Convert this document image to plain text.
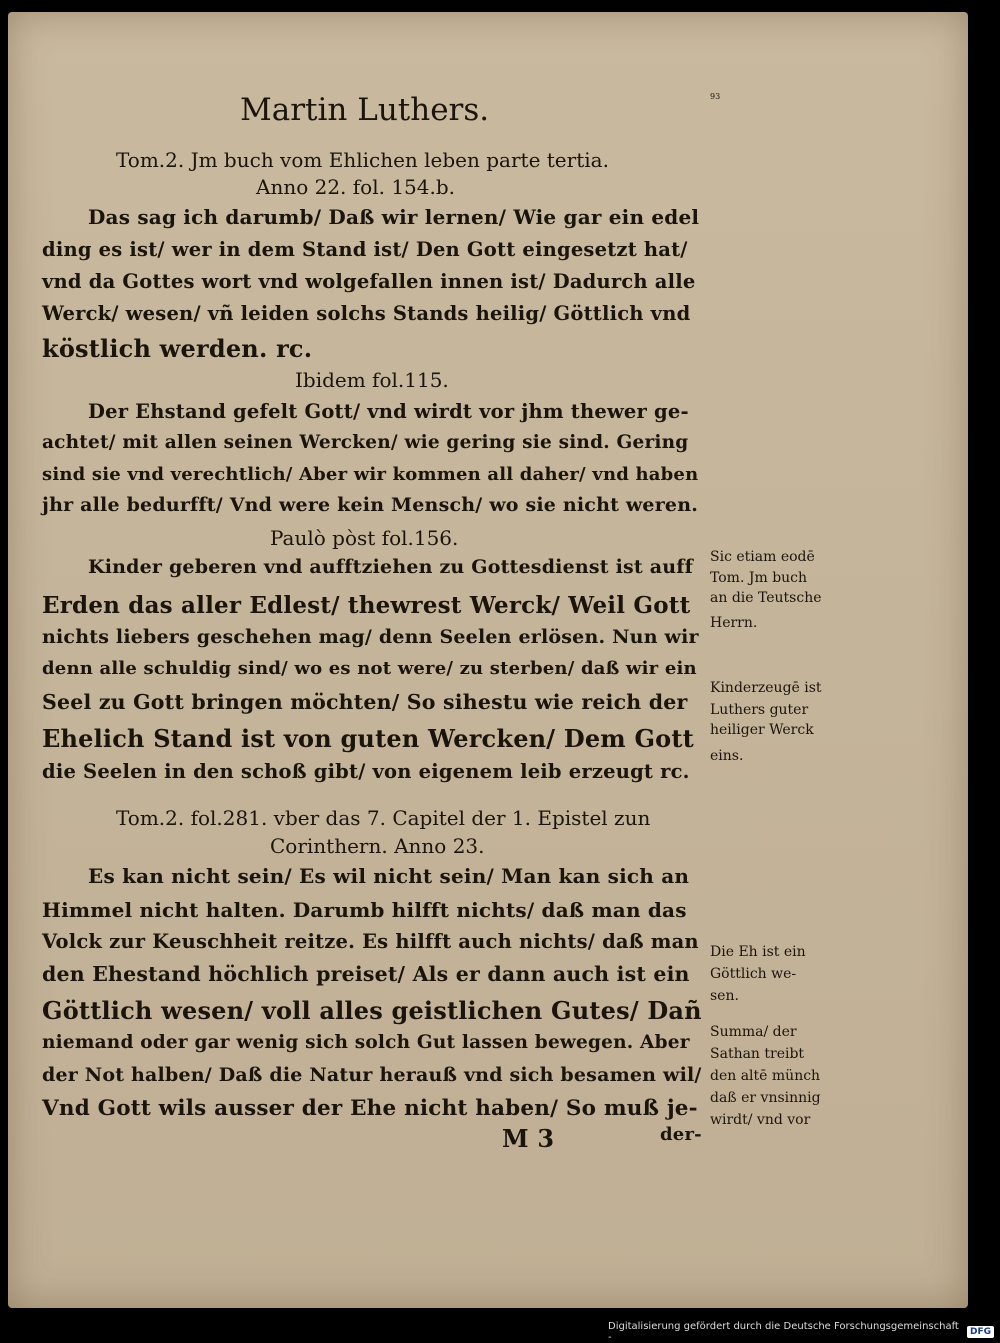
Martin Luthers.	93
Tom.2. Jm buch vom Ehlichen leben parte tertia.
Anno 22. fol. 154.b.
Das sag ich darumb/ Daß wir lernen/ Wie gar ein edel
ding es ist/ wer in dem Stand ist/ Den Gott eingesetzt hat/
vnd da Gottes wort vnd wolgefallen innen ist/ Dadurch alle
Werck/ wesen/ vñ leiden solchs Stands heilig/ Göttlich vnd
köstlich werden. rc.
Ibidem fol.115.
Der Ehstand gefelt Gott/ vnd wirdt vor jhm thewer ge-
achtet/ mit allen seinen Wercken/ wie gering sie sind. Gering
sind sie vnd verechtlich/ Aber wir kommen all daher/ vnd haben
jhr alle bedurfft/ Vnd were kein Mensch/ wo sie nicht weren.
Paulò pòst fol.156.
Kinder geberen vnd aufftziehen zu Gottesdienst ist auff
Erden das aller Edlest/ thewrest Werck/ Weil Gott
nichts liebers geschehen mag/ denn Seelen erlösen. Nun wir
denn alle schuldig sind/ wo es not were/ zu sterben/ daß wir ein
Seel zu Gott bringen möchten/ So sihestu wie reich der
Ehelich Stand ist von guten Wercken/ Dem Gott
die Seelen in den schoß gibt/ von eigenem leib erzeugt rc.
Tom.2. fol.281. vber das 7. Capitel der 1. Epistel zun
Corinthern. Anno 23.
Es kan nicht sein/ Es wil nicht sein/ Man kan sich an
Himmel nicht halten. Darumb hilfft nichts/ daß man das
Volck zur Keuschheit reitze. Es hilfft auch nichts/ daß man
den Ehestand höchlich preiset/ Als er dann auch ist ein
Göttlich wesen/ voll alles geistlichen Gutes/ Dañ
niemand oder gar wenig sich solch Gut lassen bewegen. Aber
der Not halben/ Daß die Natur herauß vnd sich besamen wil/
Vnd Gott wils ausser der Ehe nicht haben/ So muß je-
M 3	der-
Sic etiam eodē
Tom. Jm buch
an die Teutsche
Herrn.
Kinderzeugē ist
Luthers guter
heiliger Werck
eins.
Die Eh ist ein
Göttlich we-
sen.
Summa/ der
Sathan treibt
den altē münch
daß er vnsinnig
wirdt/ vnd vor
Digitalisierung gefördert durch die Deutsche Forschungsgemeinschaft -	DFG
